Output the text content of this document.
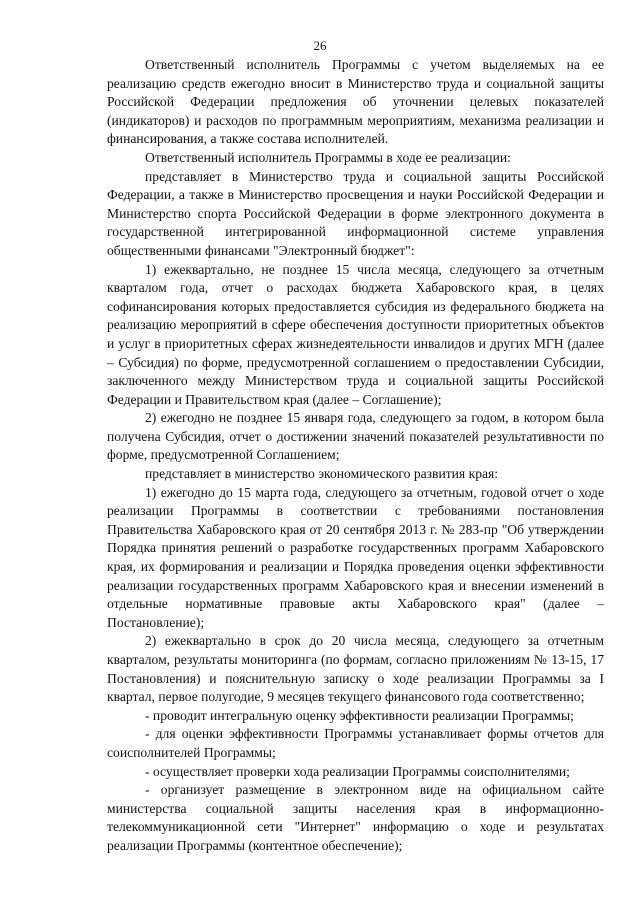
26

Ответственный исполнитель Программы с учетом выделяемых на ее реализацию средств ежегодно вносит в Министерство труда и социальной защиты Российской Федерации предложения об уточнении целевых показателей (индикаторов) и расходов по программным мероприятиям, механизма реализации и финансирования, а также состава исполнителей.

Ответственный исполнитель Программы в ходе ее реализации:

представляет в Министерство труда и социальной защиты Российской Федерации, а также в Министерство просвещения и науки Российской Федерации и Министерство спорта Российской Федерации в форме электронного документа в государственной интегрированной информационной системе управления общественными финансами "Электронный бюджет":

1) ежеквартально, не позднее 15 числа месяца, следующего за отчетным кварталом года, отчет о расходах бюджета Хабаровского края, в целях софинансирования которых предоставляется субсидия из федерального бюджета на реализацию мероприятий в сфере обеспечения доступности приоритетных объектов и услуг в приоритетных сферах жизнедеятельности инвалидов и других МГН (далее – Субсидия) по форме, предусмотренной соглашением о предоставлении Субсидии, заключенного между Министерством труда и социальной защиты Российской Федерации и Правительством края (далее – Соглашение);

2) ежегодно не позднее 15 января года, следующего за годом, в котором была получена Субсидия, отчет о достижении значений показателей результативности по форме, предусмотренной Соглашением;

представляет в министерство экономического развития края:

1) ежегодно до 15 марта года, следующего за отчетным, годовой отчет о ходе реализации Программы в соответствии с требованиями постановления Правительства Хабаровского края от 20 сентября 2013 г. № 283-пр "Об утверждении Порядка принятия решений о разработке государственных программ Хабаровского края, их формирования и реализации и Порядка проведения оценки эффективности реализации государственных программ Хабаровского края и внесении изменений в отдельные нормативные правовые акты Хабаровского края" (далее – Постановление);

2) ежеквартально в срок до 20 числа месяца, следующего за отчетным кварталом, результаты мониторинга (по формам, согласно приложениям № 13-15, 17 Постановления) и пояснительную записку о ходе реализации Программы за I квартал, первое полугодие, 9 месяцев текущего финансового года соответственно;

- проводит интегральную оценку эффективности реализации Программы;

- для оценки эффективности Программы устанавливает формы отчетов для соисполнителей Программы;

- осуществляет проверки хода реализации Программы соисполнителями;

- организует размещение в электронном виде на официальном сайте министерства социальной защиты населения края в информационно-телекоммуникационной сети "Интернет" информацию о ходе и результатах реализации Программы (контентное обеспечение);
